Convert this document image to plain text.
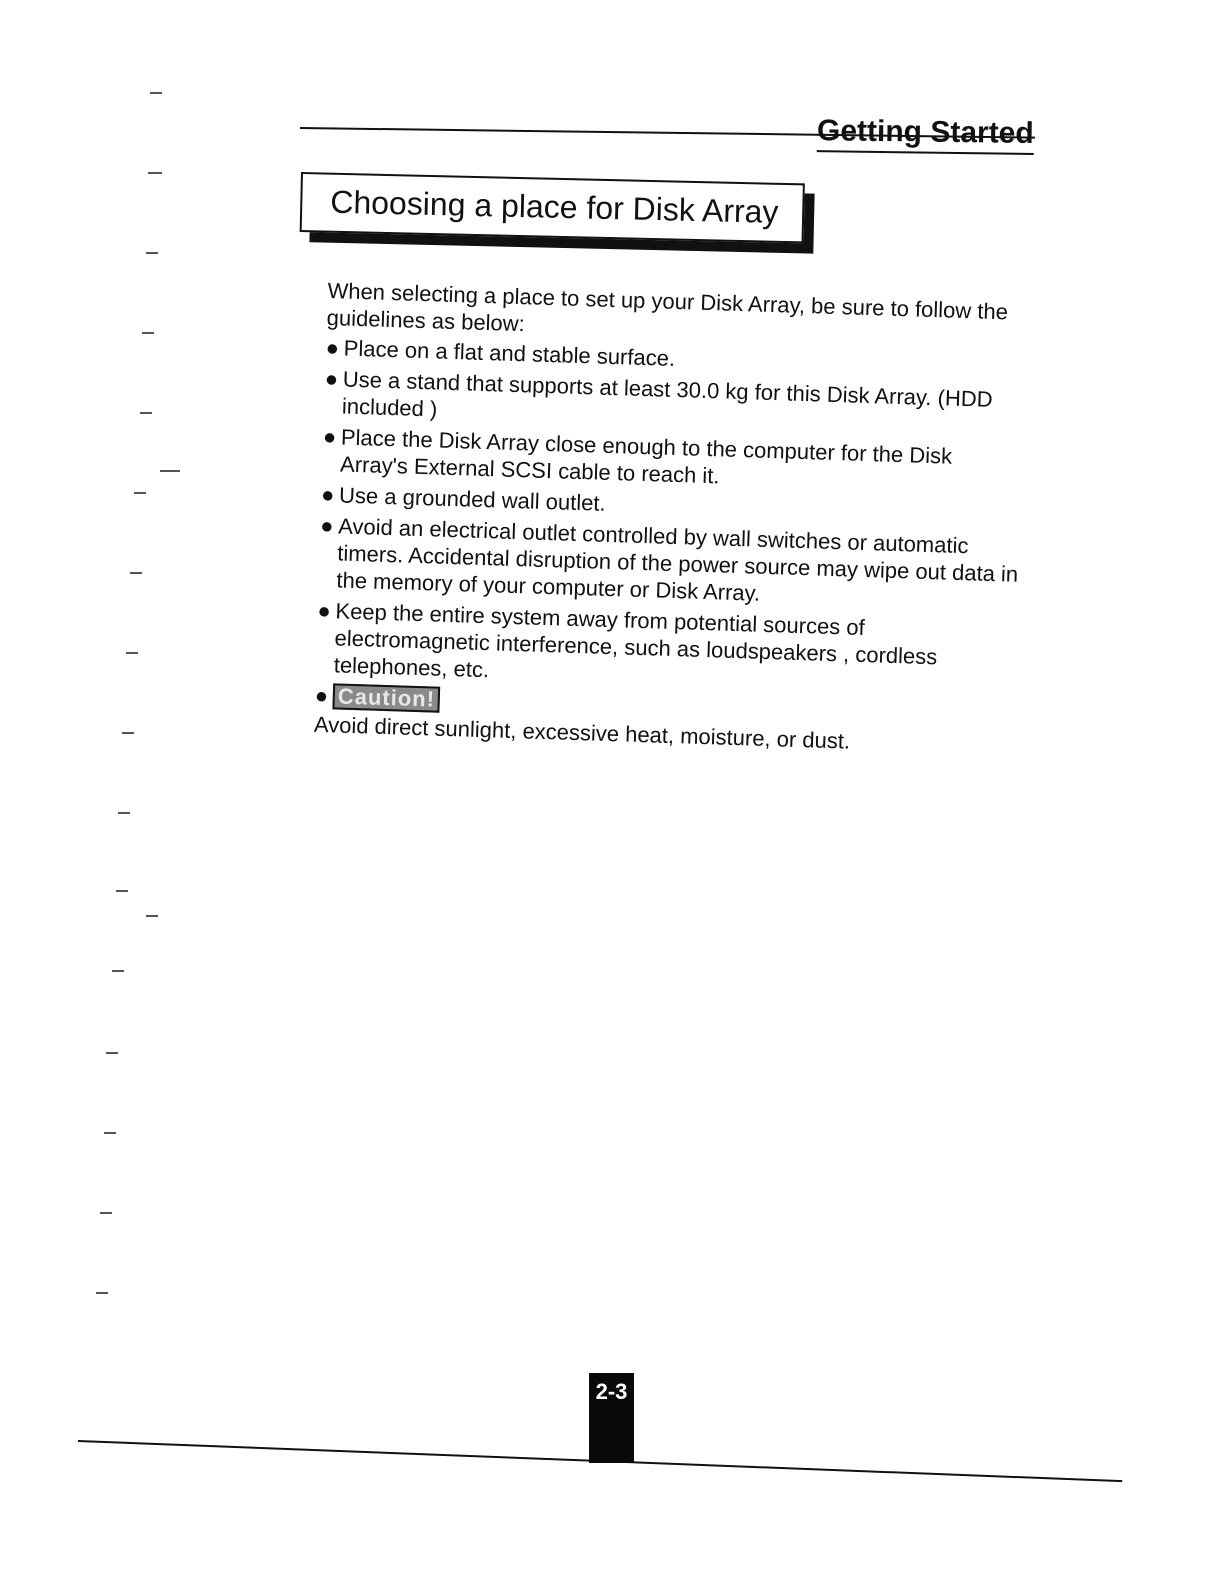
Getting Started
Choosing a place for Disk Array

When selecting a place to set up your Disk Array, be sure to follow the guidelines as below:

● Place on a flat and stable surface.
● Use a stand that supports at least 30.0 kg for this Disk Array. (HDD included )
● Place the Disk Array close enough to the computer for the Disk Array's External SCSI cable to reach it.
● Use a grounded wall outlet.
● Avoid an electrical outlet controlled by wall switches or automatic timers. Accidental disruption of the power source may wipe out data in the memory of your computer or Disk Array.
● Keep the entire system away from potential sources of electromagnetic interference, such as loudspeakers , cordless telephones, etc.
● Caution!

Avoid direct sunlight, excessive heat, moisture, or dust.

2-3
